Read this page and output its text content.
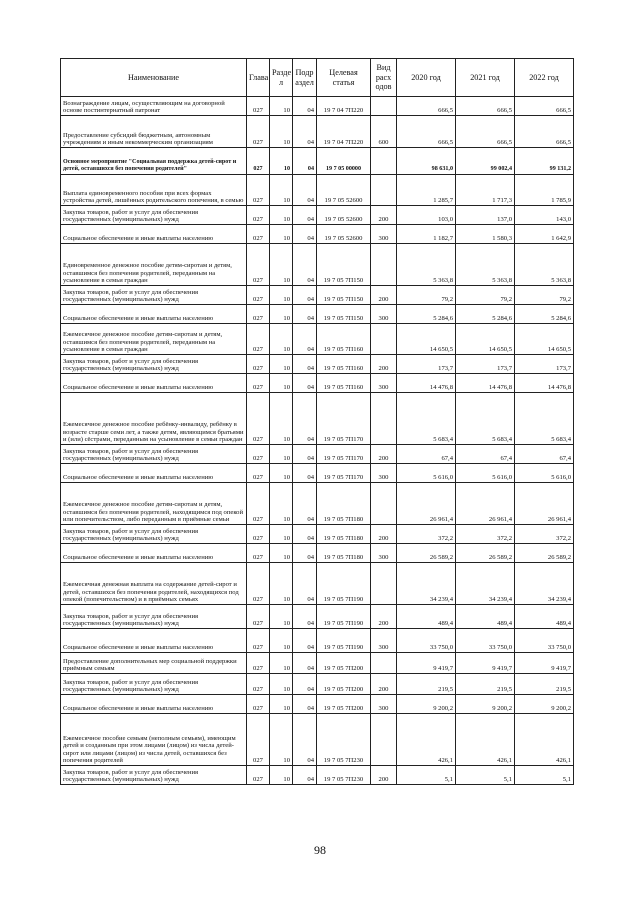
Наименование	Глава	Разде л	Подр аздел	Целевая статья	Вид расх одов	2020 год	2021 год	2022 год
Вознаграждение лицам, осуществляющим на договорной основе постинтернатный патронат	027	10	04	19 7 04 7П220		666,5	666,5	666,5
Предоставление субсидий бюджетным, автономным учреждениям и иным некоммерческим организациям	027	10	04	19 7 04 7П220	600	666,5	666,5	666,5
Основное мероприятие "Социальная поддержка детей-сирот и детей, оставшихся без попечения родителей"	027	10	04	19 7 05 00000		98 631,0	99 002,4	99 131,2
Выплата единовременного пособия при всех формах устройства детей, лишённых родительского попечения, в семью	027	10	04	19 7 05 52600		1 285,7	1 717,3	1 785,9
Закупка товаров, работ и услуг для обеспечения государственных (муниципальных) нужд	027	10	04	19 7 05 52600	200	103,0	137,0	143,0
Социальное обеспечение и иные выплаты населению	027	10	04	19 7 05 52600	300	1 182,7	1 580,3	1 642,9
Единовременное денежное пособие детям-сиротам и детям, оставшимся без попечения родителей, переданным на усыновление в семьи граждан	027	10	04	19 7 05 7П150		5 363,8	5 363,8	5 363,8
Закупка товаров, работ и услуг для обеспечения государственных (муниципальных) нужд	027	10	04	19 7 05 7П150	200	79,2	79,2	79,2
Социальное обеспечение и иные выплаты населению	027	10	04	19 7 05 7П150	300	5 284,6	5 284,6	5 284,6
Ежемесячное денежное пособие детям-сиротам и детям, оставшимся без попечения родителей, переданным на усыновление в семьи граждан	027	10	04	19 7 05 7П160		14 650,5	14 650,5	14 650,5
Закупка товаров, работ и услуг для обеспечения государственных (муниципальных) нужд	027	10	04	19 7 05 7П160	200	173,7	173,7	173,7
Социальное обеспечение и иные выплаты населению	027	10	04	19 7 05 7П160	300	14 476,8	14 476,8	14 476,8
Ежемесячное денежное пособие ребёнку-инвалиду, ребёнку в возрасте старше семи лет, а также детям, являющимся братьями и (или) сёстрами, переданным на усыновление в семьи граждан	027	10	04	19 7 05 7П170		5 683,4	5 683,4	5 683,4
Закупка товаров, работ и услуг для обеспечения государственных (муниципальных) нужд	027	10	04	19 7 05 7П170	200	67,4	67,4	67,4
Социальное обеспечение и иные выплаты населению	027	10	04	19 7 05 7П170	300	5 616,0	5 616,0	5 616,0
Ежемесячное денежное пособие детям-сиротам и детям, оставшимся без попечения родителей, находящимся под опекой или попечительством, либо переданным в приёмные семьи	027	10	04	19 7 05 7П180		26 961,4	26 961,4	26 961,4
Закупка товаров, работ и услуг для обеспечения государственных (муниципальных) нужд	027	10	04	19 7 05 7П180	200	372,2	372,2	372,2
Социальное обеспечение и иные выплаты населению	027	10	04	19 7 05 7П180	300	26 589,2	26 589,2	26 589,2
Ежемесячная денежная выплата на содержание детей-сирот и детей, оставшихся без попечения родителей, находящихся под опекой (попечительством) и в приёмных семьях	027	10	04	19 7 05 7П190		34 239,4	34 239,4	34 239,4
Закупка товаров, работ и услуг для обеспечения государственных (муниципальных) нужд	027	10	04	19 7 05 7П190	200	489,4	489,4	489,4
Социальное обеспечение и иные выплаты населению	027	10	04	19 7 05 7П190	300	33 750,0	33 750,0	33 750,0
Предоставление дополнительных мер социальной поддержки приёмным семьям	027	10	04	19 7 05 7П200		9 419,7	9 419,7	9 419,7
Закупка товаров, работ и услуг для обеспечения государственных (муниципальных) нужд	027	10	04	19 7 05 7П200	200	219,5	219,5	219,5
Социальное обеспечение и иные выплаты населению	027	10	04	19 7 05 7П200	300	9 200,2	9 200,2	9 200,2
Ежемесячное пособие семьям (неполным семьям), имеющим детей и созданным при этом лицами (лицом) из числа детей-сирот или лицами (лицом) из числа детей, оставшихся без попечения родителей	027	10	04	19 7 05 7П230		426,1	426,1	426,1
Закупка товаров, работ и услуг для обеспечения государственных (муниципальных) нужд	027	10	04	19 7 05 7П230	200	5,1	5,1	5,1
98
